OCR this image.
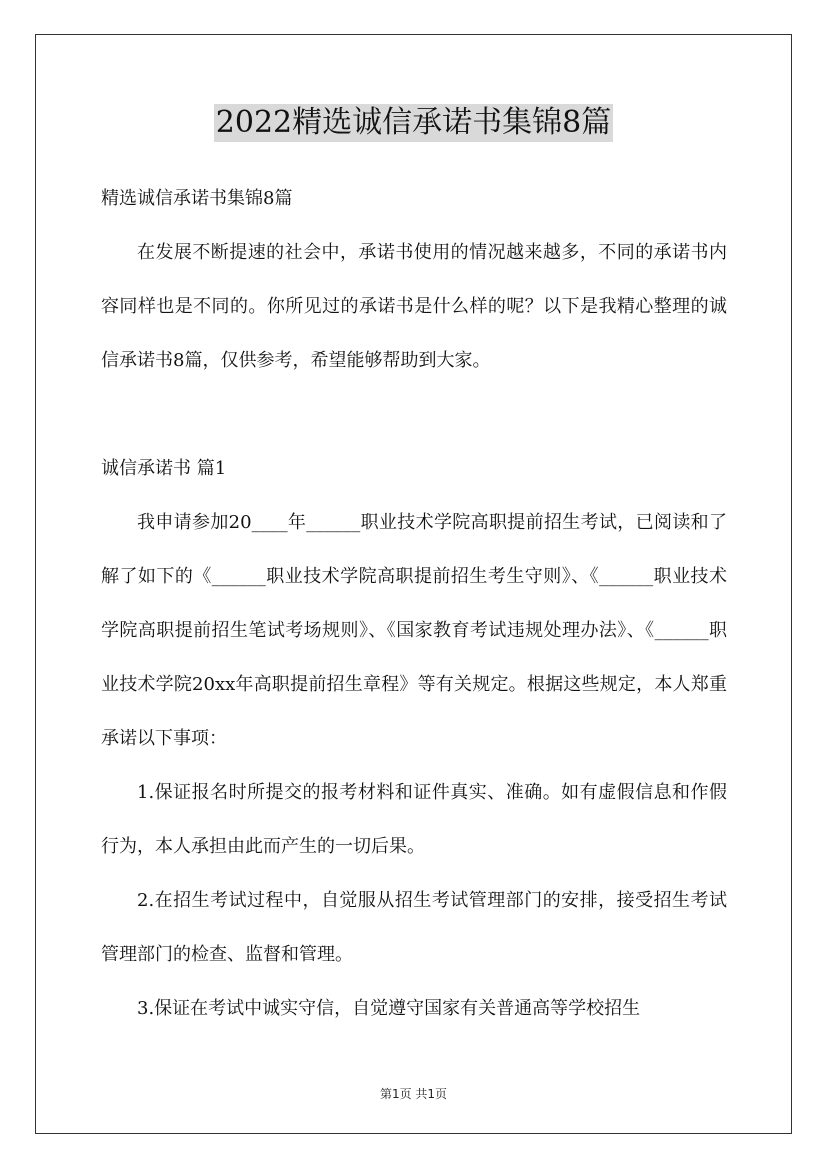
2022精选诚信承诺书集锦8篇

精选诚信承诺书集锦8篇

在发展不断提速的社会中，承诺书使用的情况越来越多，不同的承诺书内容同样也是不同的。你所见过的承诺书是什么样的呢？以下是我精心整理的诚信承诺书8篇，仅供参考，希望能够帮助到大家。

诚信承诺书 篇1

我申请参加20____年______职业技术学院高职提前招生考试，已阅读和了解了如下的《______职业技术学院高职提前招生考生守则》、《______职业技术学院高职提前招生笔试考场规则》、《国家教育考试违规处理办法》、《______职业技术学院20xx年高职提前招生章程》等有关规定。根据这些规定，本人郑重承诺以下事项：

1.保证报名时所提交的报考材料和证件真实、准确。如有虚假信息和作假行为，本人承担由此而产生的一切后果。

2.在招生考试过程中，自觉服从招生考试管理部门的安排，接受招生考试管理部门的检查、监督和管理。

3.保证在考试中诚实守信，自觉遵守国家有关普通高等学校招生

第1页 共1页
